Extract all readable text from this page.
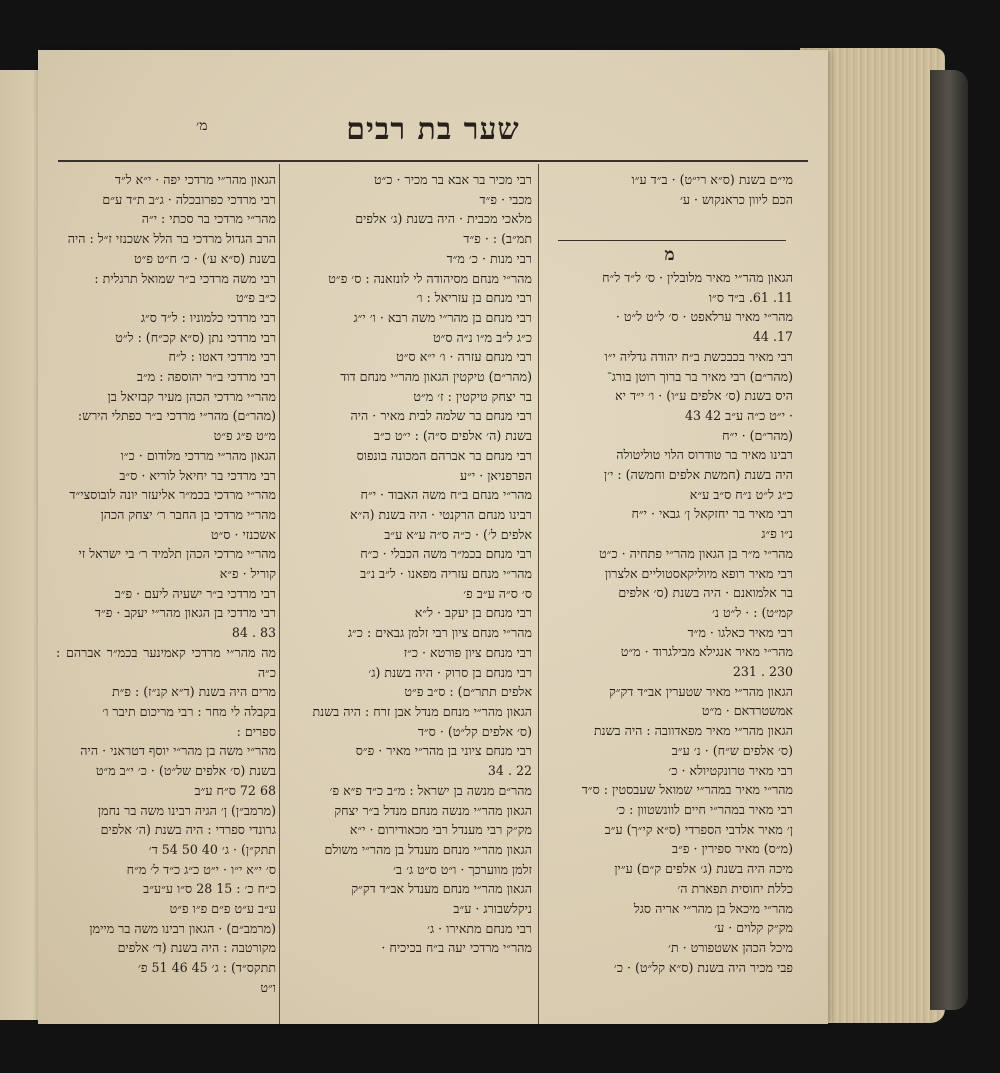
שער בת רבים
מ׳

מי״ם בשנת (ס״א רי״ט) · ב״ד ע״ו

הכם ליוון כראנקוש · ע׳

מ

הגאון מהר״י מאיר מלובלין · ס׳ ל״ד ל״ח

11. 61. ב״ד ס״ו

מהר״י מאיר ערלאפט · ס׳ ל״ט ל״ט ·

17. 44

רבי מאיר בכבכשת ב״ח יהודה גדליה י״ו

(מהר״ם) רבי מאיר בר ברוך רוטן בורג־

היס בשנת (ס׳ אלפים ע״ו) · ו׳ י״ד יא

· י״ט כ״ה ע״ב 42 43

(מהר״ם) · י״ח

רבינו מאיר בר טודרוס הלוי טוליטולה

היה בשנת (חמשת אלפים וחמשה) : י׳ן

כ״ג ל״ט נ״ח ס״ב ע״א

רבי מאיר בר יחזקאל ן׳ גבאי · י״ח

נ״ו פ״ג

מהר״י מ״ר בן הגאון מהר״י פתחיה · כ״ט

רבי מאיר רופא מיוליקאסטוליים אלצרון

בר אלמואנם · היה בשנת (ס׳ אלפים

קמ״ט) : · ל״ט נ׳

רבי מאיר כאלגו · מ״ד

מהר״י מאיר אנגילא מבילגרוד · מ״ט

230 . 231

הגאון מהר״י מאיר שטערין אב״ד דק״ק

אמשטרדאם · מ״ט

הגאון מהר״י מאיר מפאדוובה : היה בשנת

(ס׳ אלפים ש״ח) · נ׳ ע״ב

רבי מאיר טרונקטיולא · כ׳

מהר״י מאיר במהר״י שמואל שעבסטין : ס״ד

רבי מאיר במהר״י חיים לוונשטוון : כ׳

ן׳ מאיר אלדבי הספרדי (ס״א קי״ך) ע״ב

(מ״ס) מאיר ספירין · פ״ב

מיכה היה בשנת (ג׳ אלפים ק״ם) ע״ין

כללת יחוסית תפארת ה׳

מהר״י מיכאל בן מהר״י אריה סגל

מק״ק קלוים · ע׳

מיכל הכהן אשטפורט · ת׳

פבי מכיר היה בשנת (ס״א קל״ט) · כ׳

רבי מכיר בר אבא בר מכיר · כ״ט

מכבי · פ״ד

מלאכי מכבית · היה בשנת (ג׳ אלפים

תמ״ב) : · פ״ד

רבי מנות · כ׳ מ״ד

מהר״י מנחם מסיהודה לי לונזאנה : ס׳ פ״ט

רבי מנחם בן עזריאל : ו׳

רבי מנחם בן מהר״י משה רבא · ו׳ י״ג

כ״ג ל״ב מ״ו נ״ה ס״ט

רבי מנחם עזרה · ו׳ י״א ס״ט

(מהר״ם) טיקטין הגאון מהר״י מנחם דוד

בר יצחק טיקטין : ז׳ מ״ט

רבי מנחם בר שלמה לבית מאיר · היה

בשנת (ה׳ אלפים ס״ה) : י״ט כ״ב

רבי מנחם בר אברהם המכונה בונפוס

הפרפניאן · י״ע

מהר״י מנחם ב״ח משה האבוד · י״ח

רבינו מנחם הרקנטי · היה בשנת (ה״א

אלפים ל׳) · כ״ה ס״ה ע״א ע״ב

רבי מנחם בכמ״ר משה הכבלי · כ״ח

מהר״י מנחם עזריה מפאנו · ל״ב נ״ב

ס׳ ס״ה ע״ב פ׳

רבי מנחם בן יעקב · ל״א

מהר״י מנחם ציון רבי זלמן גבאים : כ״ג

רבי מנחם ציון פורטא · כ״ז

רבי מנחם בן סרוק · היה בשנת (ג׳

אלפים תתר״ם) : ס״ב פ״ט

הגאון מהר״י מנחם מנדל אבן זרח : היה בשנת

(ס׳ אלפים קל״ט) · ס״ד

רבי מנחם ציוני בן מהר״י מאיר · פ״ס

22 . 34

מהר״ם מנשה בן ישראל : מ״ב כ״ד פ״א פ׳

הגאון מהר״י מנשה מנחם מנדל ב״ר יצחק

מק״ק רבי מענדל רבי מכאודירום · י״א

הגאון מהר״י מנחם מענדל בן מהר״י משולם

זלמן מווערכך · ו״ט ס״ט ג׳ ב׳

הגאון מהר״י מנחם מענדל אב״ד דק״ק

ניקלשבורג · ע״ב

רבי מנחם מתאירו · ג׳

מהר״י מרדכי יעה ב״ח בכיכיח ·

הגאון מהר״י מרדכי יפה · י״א ל״ד

רבי מרדכי כפרובכלה · ג״ב ת״ד ע״ם

מהר״י מרדכי בר סכתי : י״ה

הרב הגדול מרדכי בר הלל אשכנזי ז״ל : היה

בשנת (ס״א ע׳) · כ׳ ח״ט פ״ט

רבי משה מרדכי ב״ר שמואל תרגלית :

כ״ב פ״ט

רבי מרדכי כלמוניו : ל״ד ס״ג

רבי מרדכי נתן (ס״א קכ״ח) : ל״ט

רבי מרדכי דאטו : ל״ח

רבי מרדכי ב״ר יהוספה : מ״ב

מהר״י מרדכי הכהן מעיר קבזיאל בן

(מהר״ם) מהר״י מרדכי ב״ר כפתלי הירש:

מ״ט פ״ג פ״ט

הגאון מהר״י מרדכי מלודום · כ״ו

רבי מרדכי בר יחיאל לוריא · ס״ב

מהר״י מרדכי בכמ״ר אליעזר יונה לובוסצי״ד

מהר״י מרדכי בן החבר ר׳ יצחק הכהן

אשכנזי · ס״ט

מהר״י מרדכי הכהן תלמיד ר׳ בי ישראל זי

קוריל · פ״א

רבי מרדכי ב״ר ישעיה ליעם · פ״ב

רבי מרדכי בן הגאון מהר״י יעקב · פ״ד

83 . 84

מה מהר״י מרדכי קאמינער בכמ״ר אברהם : כ״ה

מרים היה בשנת (ד״א קנ״ז) : פ״ת

בקבלה לי מחר : רבי מריכום תיבר ו׳

ספרים :

מהר״י משה בן מהר״י יוסף דטראני · היה

בשנת (ס׳ אלפים של״ט) · כ׳ י״ב מ״ט

68 72 ס״ח ע״ב

(מרמב״ן) ן׳ הגיה רבינו משה בר נחמן

גרונדי ספרדי : היה בשנת (ה׳ אלפים

תתק״ן) · ג׳ 40 50 54 ד׳

ס׳ י״א י״ו · י״ט כ״ג כ״ד ל׳ מ״ח

כ״ח כ׳ : 15 28 ס״ו ע״ע״ב

ע״ב ע״ט פ״ם פ״ו פ״ט

(מרמב״ם) · הגאון רבינו משה בר מיימן

מקורטבה : היה בשנת (ד׳ אלפים

תתקס״ד) : ג׳ 45 46 51 פ׳

ו״ט
